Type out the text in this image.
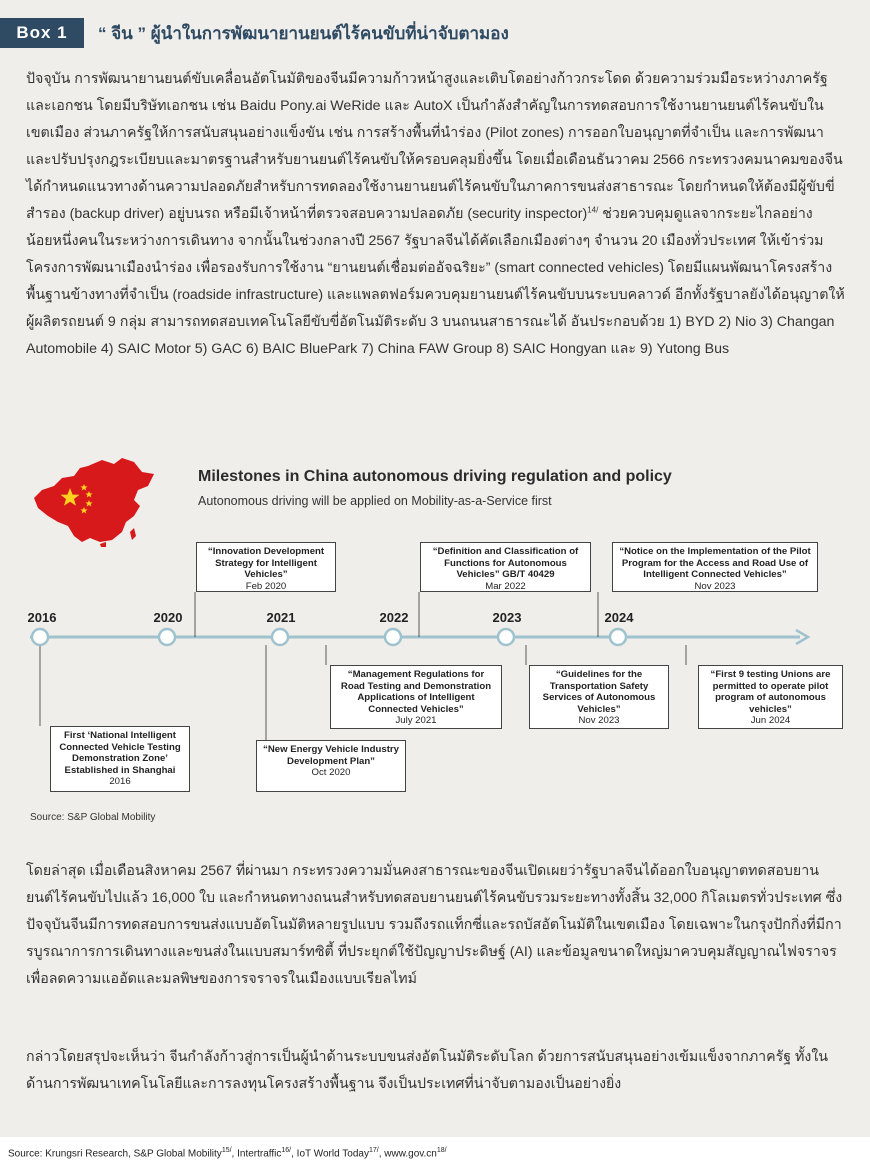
Box 1	“ จีน ” ผู้นำในการพัฒนายานยนต์ไร้คนขับที่น่าจับตามอง

ปัจจุบัน การพัฒนายานยนต์ขับเคลื่อนอัตโนมัติของจีนมีความก้าวหน้าสูงและเติบโตอย่างก้าวกระโดด ด้วยความร่วมมือระหว่างภาครัฐและเอกชน โดยมีบริษัทเอกชน เช่น Baidu Pony.ai WeRide และ AutoX เป็นกำลังสำคัญในการทดสอบการใช้งานยานยนต์ไร้คนขับในเขตเมือง ส่วนภาครัฐให้การสนับสนุนอย่างแข็งขัน เช่น การสร้างพื้นที่นำร่อง (Pilot zones) การออกใบอนุญาตที่จำเป็น และการพัฒนาและปรับปรุงกฎระเบียบและมาตรฐานสำหรับยานยนต์ไร้คนขับให้ครอบคลุมยิ่งขึ้น โดยเมื่อเดือนธันวาคม 2566 กระทรวงคมนาคมของจีนได้กำหนดแนวทางด้านความปลอดภัยสำหรับการทดลองใช้งานยานยนต์ไร้คนขับในภาคการขนส่งสาธารณะ โดยกำหนดให้ต้องมีผู้ขับขี่สำรอง (backup driver) อยู่บนรถ หรือมีเจ้าหน้าที่ตรวจสอบความปลอดภัย (security inspector)$^{14/}$ ช่วยควบคุมดูแลจากระยะไกลอย่างน้อยหนึ่งคนในระหว่างการเดินทาง จากนั้นในช่วงกลางปี 2567 รัฐบาลจีนได้คัดเลือกเมืองต่างๆ จำนวน 20 เมืองทั่วประเทศ ให้เข้าร่วมโครงการพัฒนาเมืองนำร่อง เพื่อรองรับการใช้งาน “ยานยนต์เชื่อมต่ออัจฉริยะ” (smart connected vehicles) โดยมีแผนพัฒนาโครงสร้างพื้นฐานข้างทางที่จำเป็น (roadside infrastructure) และแพลตฟอร์มควบคุมยานยนต์ไร้คนขับบนระบบคลาวด์ อีกทั้งรัฐบาลยังได้อนุญาตให้ผู้ผลิตรถยนต์ 9 กลุ่ม สามารถทดสอบเทคโนโลยีขับขี่อัตโนมัติระดับ 3 บนถนนสาธารณะได้ อันประกอบด้วย 1) BYD 2) Nio 3) Changan Automobile 4) SAIC Motor 5) GAC 6) BAIC BluePark 7) China FAW Group 8) SAIC Hongyan และ 9) Yutong Bus

Milestones in China autonomous driving regulation and policy
Autonomous driving will be applied on Mobility-as-a-Service first
2016	2020	2021	2022	2023	2024
“Innovation Development Strategy for Intelligent Vehicles”
Feb 2020
“Definition and Classification of Functions for Autonomous Vehicles” GB/T 40429
Mar 2022
“Notice on the Implementation of the Pilot Program for the Access and Road Use of Intelligent Connected Vehicles”
Nov 2023
First ‘National Intelligent Connected Vehicle Testing Demonstration Zone’ Established in Shanghai
2016
“New Energy Vehicle Industry Development Plan”
Oct 2020
“Management Regulations for Road Testing and Demonstration Applications of Intelligent Connected Vehicles”
July 2021
“Guidelines for the Transportation Safety Services of Autonomous Vehicles”
Nov 2023
“First 9 testing Unions are permitted to operate pilot program of autonomous vehicles”
Jun 2024
Source: S&P Global Mobility

โดยล่าสุด เมื่อเดือนสิงหาคม 2567 ที่ผ่านมา กระทรวงความมั่นคงสาธารณะของจีนเปิดเผยว่ารัฐบาลจีนได้ออกใบอนุญาตทดสอบยานยนต์ไร้คนขับไปแล้ว 16,000 ใบ และกำหนดทางถนนสำหรับทดสอบยานยนต์ไร้คนขับรวมระยะทางทั้งสิ้น 32,000 กิโลเมตรทั่วประเทศ ซึ่งปัจจุบันจีนมีการทดสอบการขนส่งแบบอัตโนมัติหลายรูปแบบ รวมถึงรถแท็กซี่และรถบัสอัตโนมัติในเขตเมือง โดยเฉพาะในกรุงปักกิ่งที่มีการบูรณาการการเดินทางและขนส่งในแบบสมาร์ทซิตี้ ที่ประยุกต์ใช้ปัญญาประดิษฐ์ (AI) และข้อมูลขนาดใหญ่มาควบคุมสัญญาณไฟจราจรเพื่อลดความแออัดและมลพิษของการจราจรในเมืองแบบเรียลไทม์

กล่าวโดยสรุปจะเห็นว่า จีนกำลังก้าวสู่การเป็นผู้นำด้านระบบขนส่งอัตโนมัติระดับโลก ด้วยการสนับสนุนอย่างเข้มแข็งจากภาครัฐ ทั้งในด้านการพัฒนาเทคโนโลยีและการลงทุนโครงสร้างพื้นฐาน จึงเป็นประเทศที่น่าจับตามองเป็นอย่างยิ่ง

Source: Krungsri Research, S&P Global Mobility$^{15/}$, Intertraffic$^{16/}$, IoT World Today$^{17/}$, $www.gov.cn^{18/}$
